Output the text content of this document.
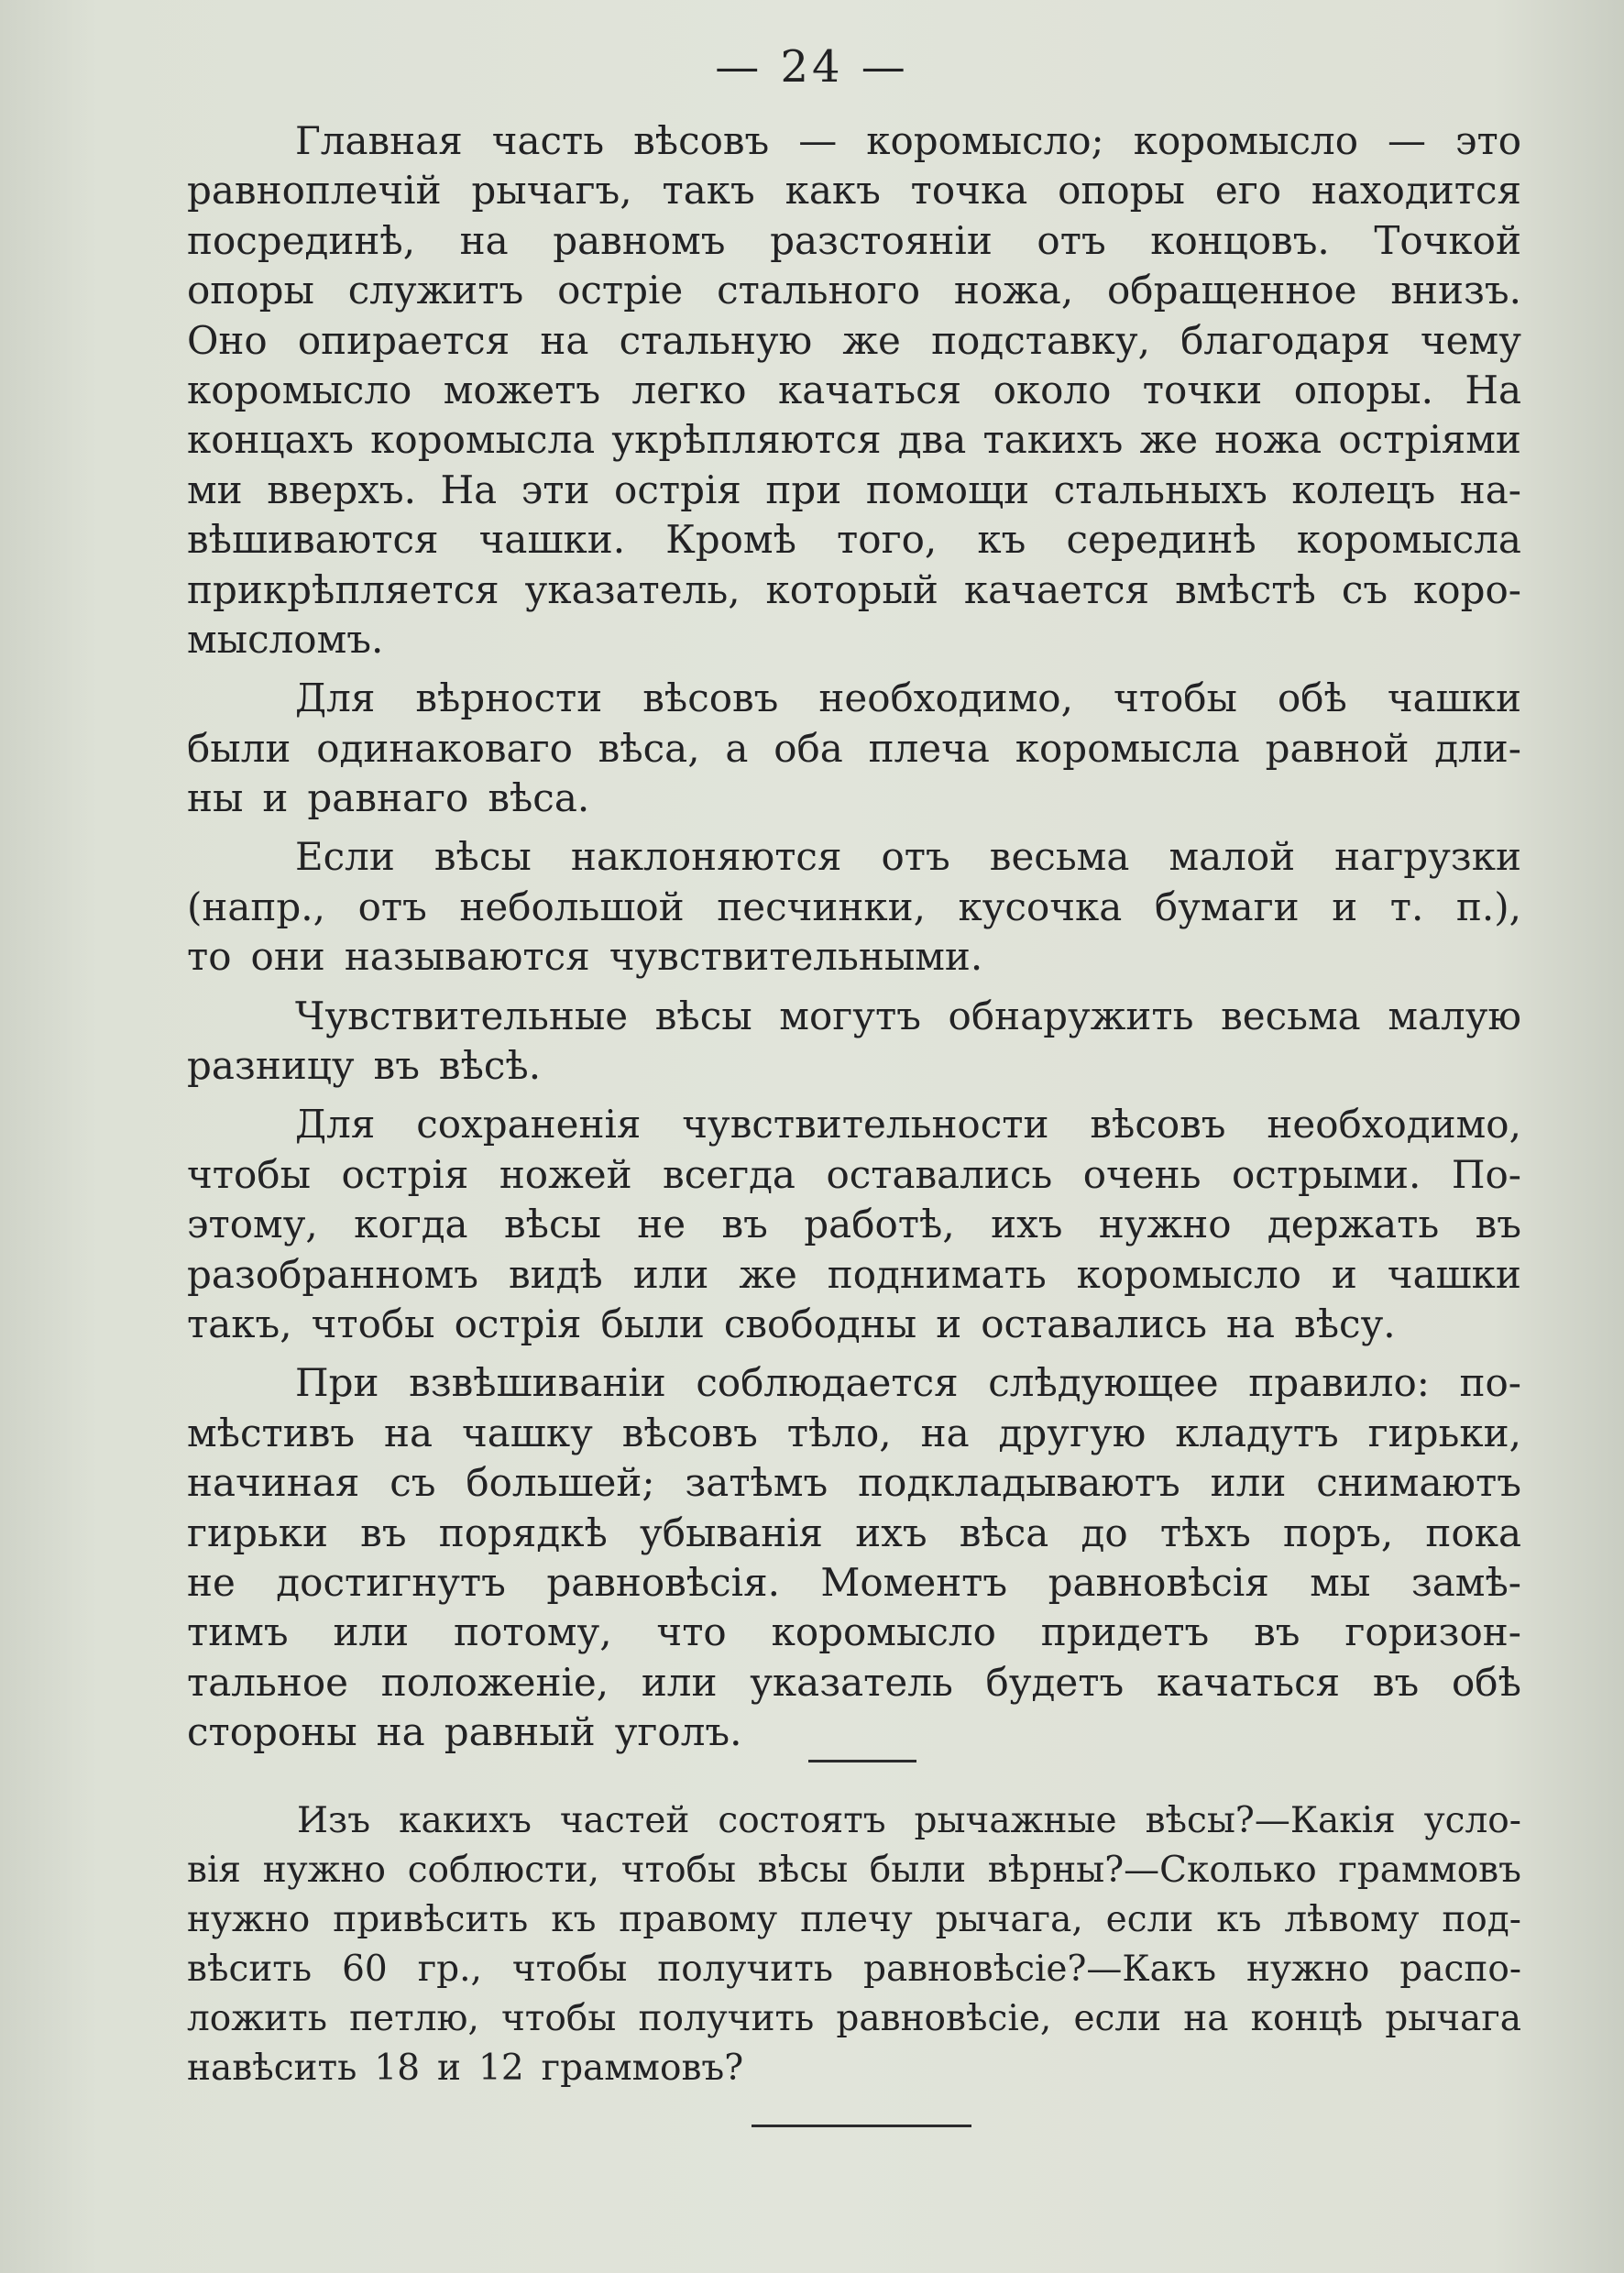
— 24 —
Главная часть вѣсовъ — коромысло; коромысло — это
равноплечій рычагъ, такъ какъ точка опоры его находится
посрединѣ, на равномъ разстояніи отъ концовъ. Точкой
опоры служитъ остріе стального ножа, обращенное внизъ.
Оно опирается на стальную же подставку, благодаря чему
коромысло можетъ легко качаться около точки опоры. На
концахъ коромысла укрѣпляются два такихъ же ножа остріями
ми вверхъ. На эти острія при помощи стальныхъ колецъ на-
вѣшиваются чашки. Кромѣ того, къ серединѣ коромысла
прикрѣпляется указатель, который качается вмѣстѣ съ коро-
мысломъ.
Для вѣрности вѣсовъ необходимо, чтобы обѣ чашки
были одинаковаго вѣса, а оба плеча коромысла равной дли-
ны и равнаго вѣса.
Если вѣсы наклоняются отъ весьма малой нагрузки
(напр., отъ небольшой песчинки, кусочка бумаги и т. п.),
то они называются чувствительными.
Чувствительные вѣсы могутъ обнаружить весьма малую
разницу въ вѣсѣ.
Для сохраненія чувствительности вѣсовъ необходимо,
чтобы острія ножей всегда оставались очень острыми. По-
этому, когда вѣсы не въ работѣ, ихъ нужно держать въ
разобранномъ видѣ или же поднимать коромысло и чашки
такъ, чтобы острія были свободны и оставались на вѣсу.
При взвѣшиваніи соблюдается слѣдующее правило: по-
мѣстивъ на чашку вѣсовъ тѣло, на другую кладутъ гирьки,
начиная съ большей; затѣмъ подкладываютъ или снимаютъ
гирьки въ порядкѣ убыванія ихъ вѣса до тѣхъ поръ, пока
не достигнутъ равновѣсія. Моментъ равновѣсія мы замѣ-
тимъ или потому, что коромысло придетъ въ горизон-
тальное положеніе, или указатель будетъ качаться въ обѣ
стороны на равный уголъ.
Изъ какихъ частей состоятъ рычажные вѣсы?—Какія усло-
вія нужно соблюсти, чтобы вѣсы были вѣрны?—Сколько граммовъ
нужно привѣсить къ правому плечу рычага, если къ лѣвому под-
вѣсить 60 гр., чтобы получить равновѣсіе?—Какъ нужно распо-
ложить петлю, чтобы получить равновѣсіе, если на концѣ рычага
навѣсить 18 и 12 граммовъ?
